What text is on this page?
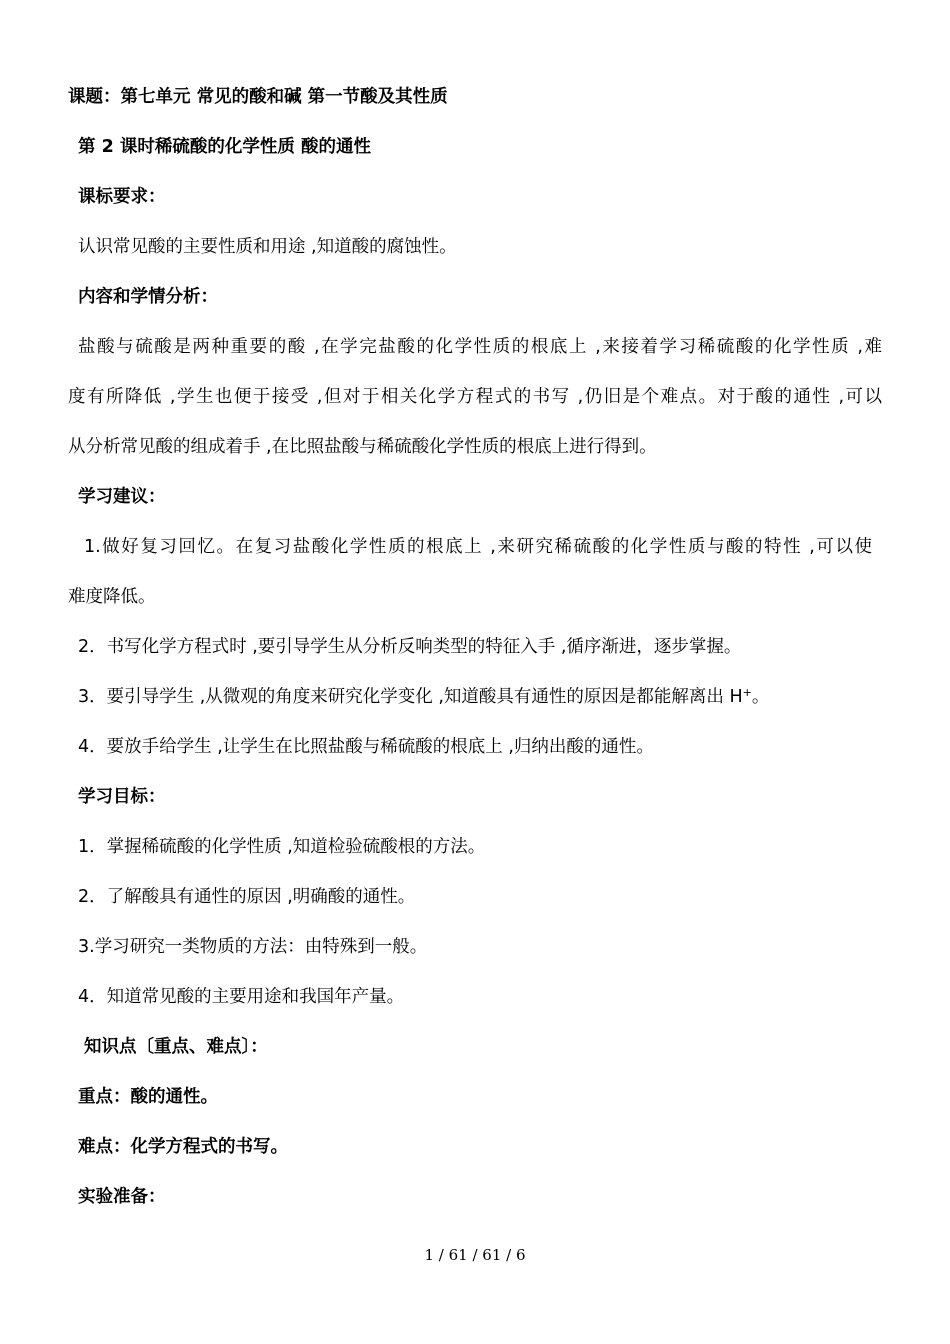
课题：第七单元 常见的酸和碱 第一节酸及其性质
第 2 课时稀硫酸的化学性质 酸的通性
课标要求：
认识常见酸的主要性质和用途 ,知道酸的腐蚀性。
内容和学情分析：
盐酸与硫酸是两种重要的酸 ,在学完盐酸的化学性质的根底上 ,来接着学习稀硫酸的化学性质 ,难
度有所降低 ,学生也便于接受 ,但对于相关化学方程式的书写 ,仍旧是个难点。对于酸的通性 ,可以
从分析常见酸的组成着手 ,在比照盐酸与稀硫酸化学性质的根底上进行得到。
学习建议：
1.做好复习回忆。在复习盐酸化学性质的根底上 ,来研究稀硫酸的化学性质与酸的特性 ,可以使
难度降低。
2．书写化学方程式时 ,要引导学生从分析反响类型的特征入手 ,循序渐进，逐步掌握。
3．要引导学生 ,从微观的角度来研究化学变化 ,知道酸具有通性的原因是都能解离出 H+。
4．要放手给学生 ,让学生在比照盐酸与稀硫酸的根底上 ,归纳出酸的通性。
学习目标：
1．掌握稀硫酸的化学性质 ,知道检验硫酸根的方法。
2．了解酸具有通性的原因 ,明确酸的通性。
3.学习研究一类物质的方法：由特殊到一般。
4．知道常见酸的主要用途和我国年产量。
知识点〔重点、难点〕：
重点：酸的通性。
难点：化学方程式的书写。
实验准备：
1 / 61 / 61 / 6
